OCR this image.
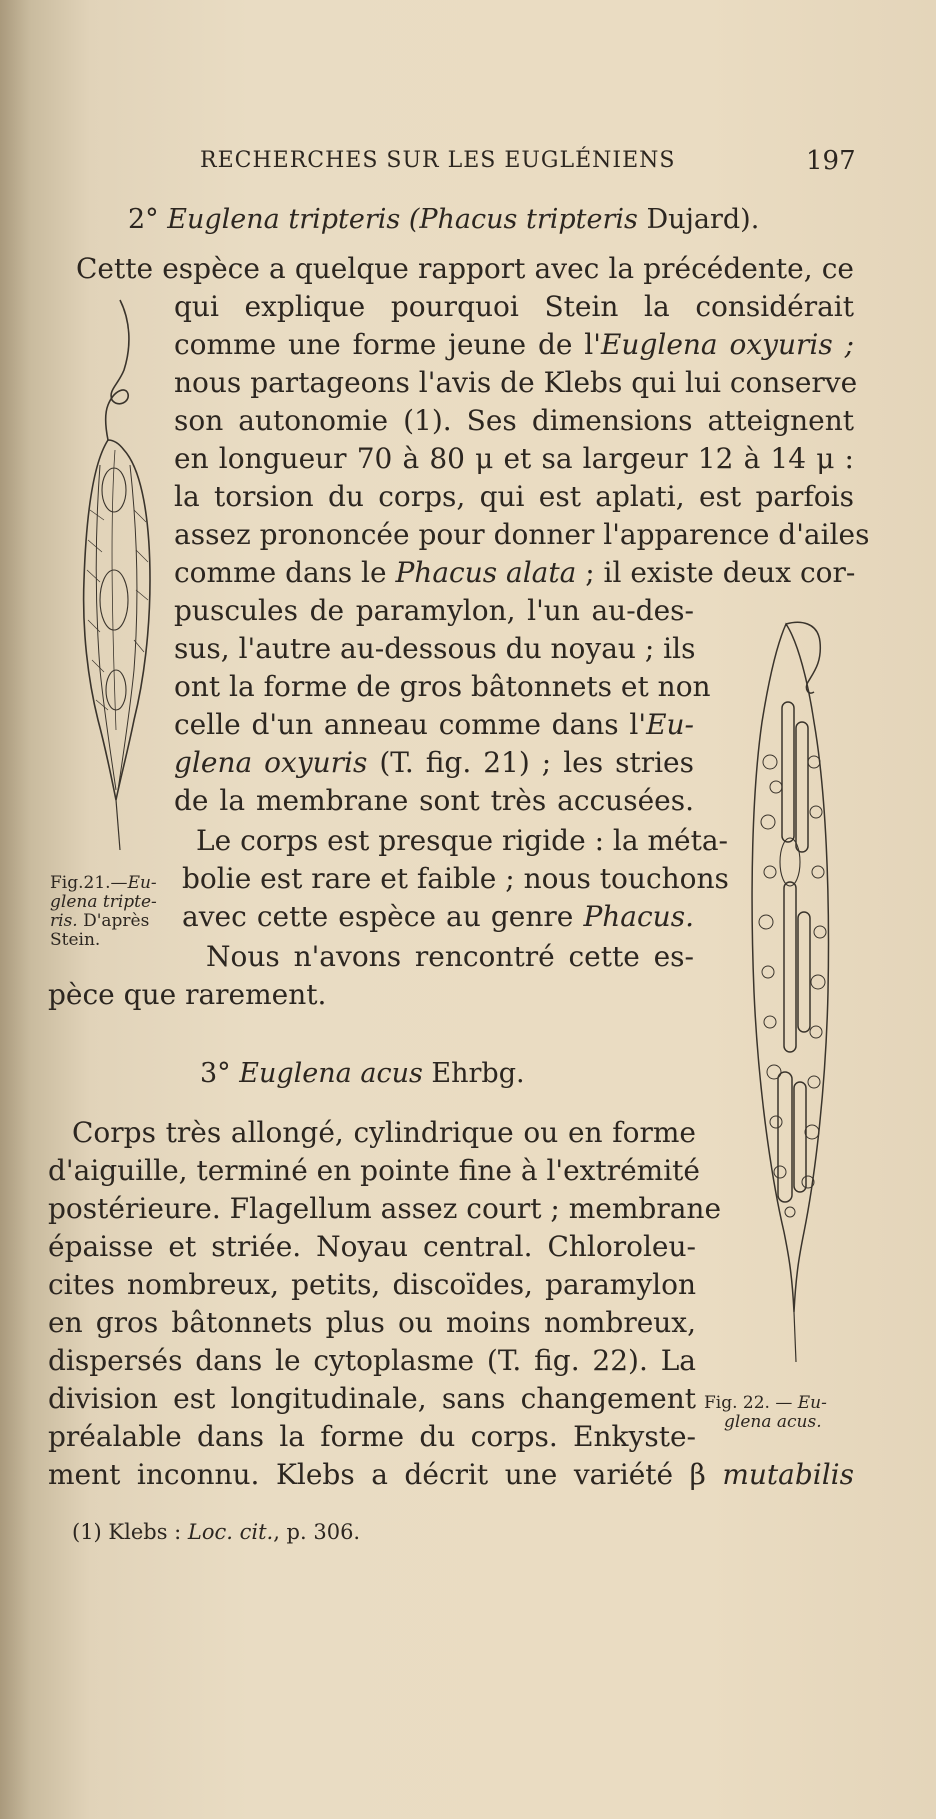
RECHERCHES SUR LES EUGLÉNIENS	197
2° Euglena tripteris (Phacus tripteris Dujard).
Cette espèce a quelque rapport avec la précédente, ce
qui explique pourquoi Stein la considérait
comme une forme jeune de l'Euglena oxyuris ;
nous partageons l'avis de Klebs qui lui conserve
son autonomie (1). Ses dimensions atteignent
en longueur 70 à 80 μ et sa largeur 12 à 14 μ :
la torsion du corps, qui est aplati, est parfois
assez prononcée pour donner l'apparence d'ailes
comme dans le Phacus alata ; il existe deux cor-
puscules de paramylon, l'un au-des-
sus, l'autre au-dessous du noyau ; ils
ont la forme de gros bâtonnets et non
celle d'un anneau comme dans l'Eu-
glena oxyuris (T. fig. 21) ; les stries
de la membrane sont très accusées.
Le corps est presque rigide : la méta-
bolie est rare et faible ; nous touchons
avec cette espèce au genre Phacus.
Nous n'avons rencontré cette es-
pèce que rarement.
Fig.21.—Eu-
glena tripte-
ris. D'après
Stein.
3° Euglena acus Ehrbg.
Corps très allongé, cylindrique ou en forme
d'aiguille, terminé en pointe fine à l'extrémité
postérieure. Flagellum assez court ; membrane
épaisse et striée. Noyau central. Chloroleu-
cites nombreux, petits, discoïdes, paramylon
en gros bâtonnets plus ou moins nombreux,
dispersés dans le cytoplasme (T. fig. 22). La
division est longitudinale, sans changement
préalable dans la forme du corps. Enkyste-
ment inconnu. Klebs a décrit une variété β mutabilis
Fig. 22. — Eu-
glena acus.
(1) Klebs : Loc. cit., p. 306.
